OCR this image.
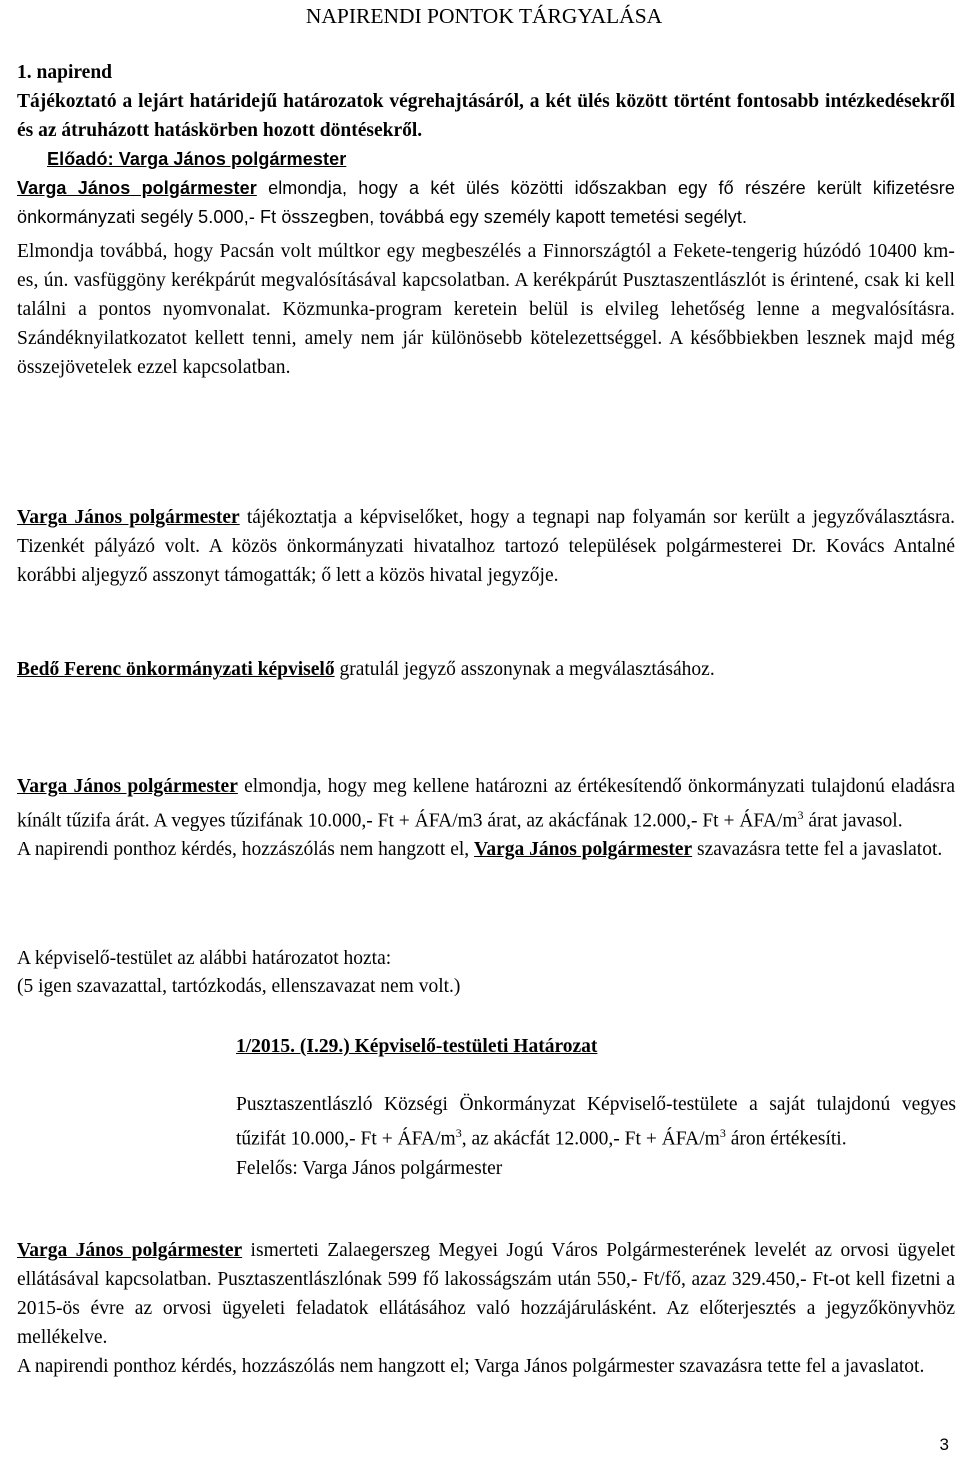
NAPIRENDI PONTOK TÁRGYALÁSA
1. napirend
Tájékoztató a lejárt határidejű határozatok végrehajtásáról, a két ülés között történt fontosabb intézkedésekről és az átruházott hatáskörben hozott döntésekről.
Előadó: Varga János polgármester
Varga János polgármester elmondja, hogy a két ülés közötti időszakban egy fő részére került kifizetésre önkormányzati segély 5.000,- Ft összegben, továbbá egy személy kapott temetési segélyt.
Elmondja továbbá, hogy Pacsán volt múltkor egy megbeszélés a Finnországtól a Fekete-tengerig húzódó 10400 km-es, ún. vasfüggöny kerékpárút megvalósításával kapcsolatban. A kerékpárút Pusztaszentlászlót is érintené, csak ki kell találni a pontos nyomvonalat. Közmunka-program keretein belül is elvileg lehetőség lenne a megvalósításra. Szándéknyilatkozatot kellett tenni, amely nem jár különösebb kötelezettséggel. A későbbiekben lesznek majd még összejövetelek ezzel kapcsolatban.
Varga János polgármester tájékoztatja a képviselőket, hogy a tegnapi nap folyamán sor került a jegyzőválasztásra. Tizenkét pályázó volt. A közös önkormányzati hivatalhoz tartozó települések polgármesterei Dr. Kovács Antalné korábbi aljegyző asszonyt támogatták; ő lett a közös hivatal jegyzője.
Bedő Ferenc önkormányzati képviselő gratulál jegyző asszonynak a megválasztásához.
Varga János polgármester elmondja, hogy meg kellene határozni az értékesítendő önkormányzati tulajdonú eladásra kínált tűzifa árát. A vegyes tűzifának 10.000,- Ft + ÁFA/m3 árat, az akácfának 12.000,- Ft + ÁFA/$m^3$ árat javasol.
A napirendi ponthoz kérdés, hozzászólás nem hangzott el, Varga János polgármester szavazásra tette fel a javaslatot.
A képviselő-testület az alábbi határozatot hozta:
(5 igen szavazattal, tartózkodás, ellenszavazat nem volt.)
1/2015. (I.29.) Képviselő-testületi Határozat
Pusztaszentlászló Községi Önkormányzat Képviselő-testülete a saját tulajdonú vegyes tűzifát 10.000,- Ft + ÁFA/$m^3$, az akácfát 12.000,- Ft + ÁFA/$m^3$ áron értékesíti.
Felelős: Varga János polgármester
Varga János polgármester ismerteti Zalaegerszeg Megyei Jogú Város Polgármesterének levelét az orvosi ügyelet ellátásával kapcsolatban. Pusztaszentlászlónak 599 fő lakosságszám után 550,- Ft/fő, azaz 329.450,- Ft-ot kell fizetni a 2015-ös évre az orvosi ügyeleti feladatok ellátásához való hozzájárulásként. Az előterjesztés a jegyzőkönyvhöz mellékelve.
A napirendi ponthoz kérdés, hozzászólás nem hangzott el; Varga János polgármester szavazásra tette fel a javaslatot.
3
